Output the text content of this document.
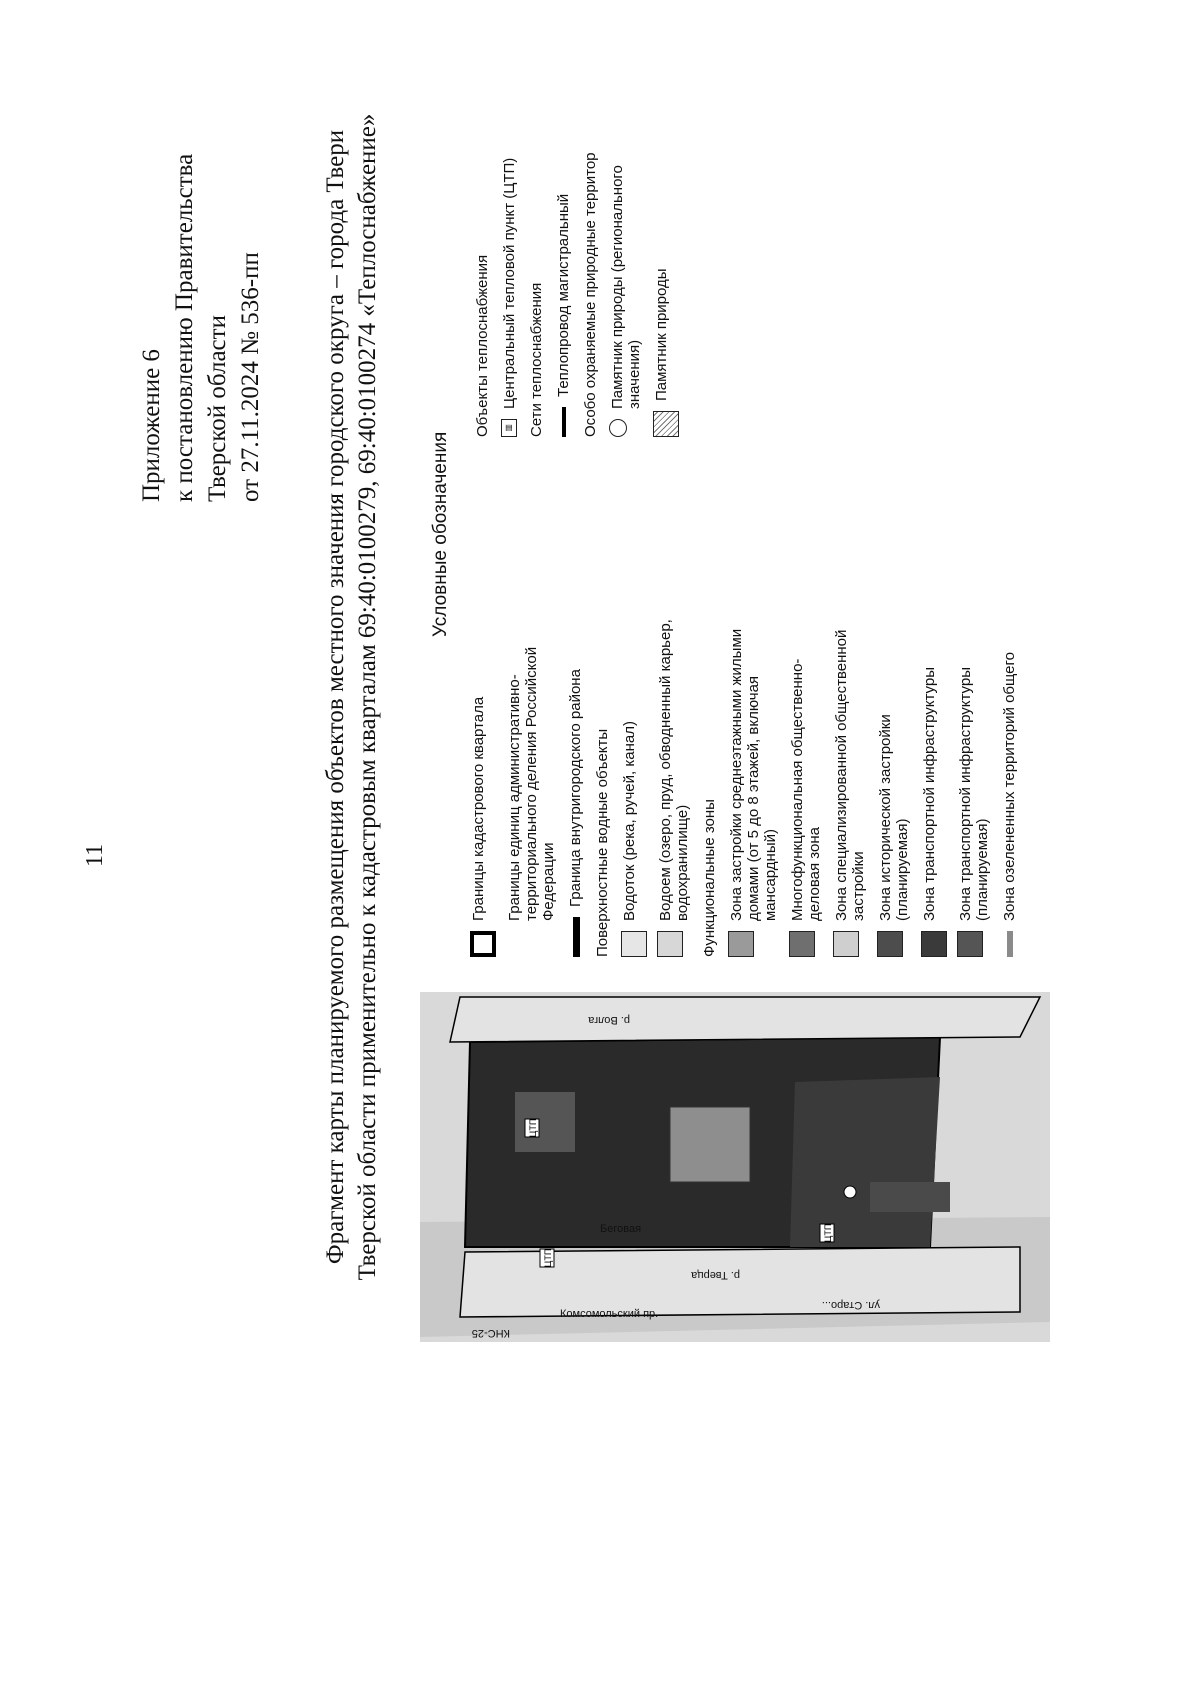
11
Приложение 6 к постановлению Правительства Тверской области от 27.11.2024 № 536-пп Фрагмент карты планируемого размещения объектов местного значения городского округа – города Твери Тверской области применительно к кадастровым кварталам 69:40:0100279, 69:40:0100274 «Теплоснабжение»
ул. Старо...
р. Тверца
р. Волга
КНС-25
Комсомольский пр.
Беговая
ЦТП
ЦТП
ЦТП
Условные обозначения
Границы кадастрового квартала Границы единиц административно-территориального деления Российской Федерации Граница внутригородского района Поверхностные водные объекты Водоток (река, ручей, канал) Водоем (озеро, пруд, обводненный карьер, водохранилище) Функциональные зоны Зона застройки среднеэтажными жилыми домами (от 5 до 8 этажей, включая мансардный) Многофункциональная общественно-деловая зона Зона специализированной общественной застройки Зона исторической застройки (планируемая) Зона транспортной инфраструктуры Зона транспортной инфраструктуры (планируемая) Зона озелененных территорий общего
Объекты теплоснабжения	▥
Центральный тепловой пункт (ЦТП) Сети теплоснабжения Теплопровод магистральный Особо охраняемые природные территор Памятник природы (регионального значения) Памятник природы
